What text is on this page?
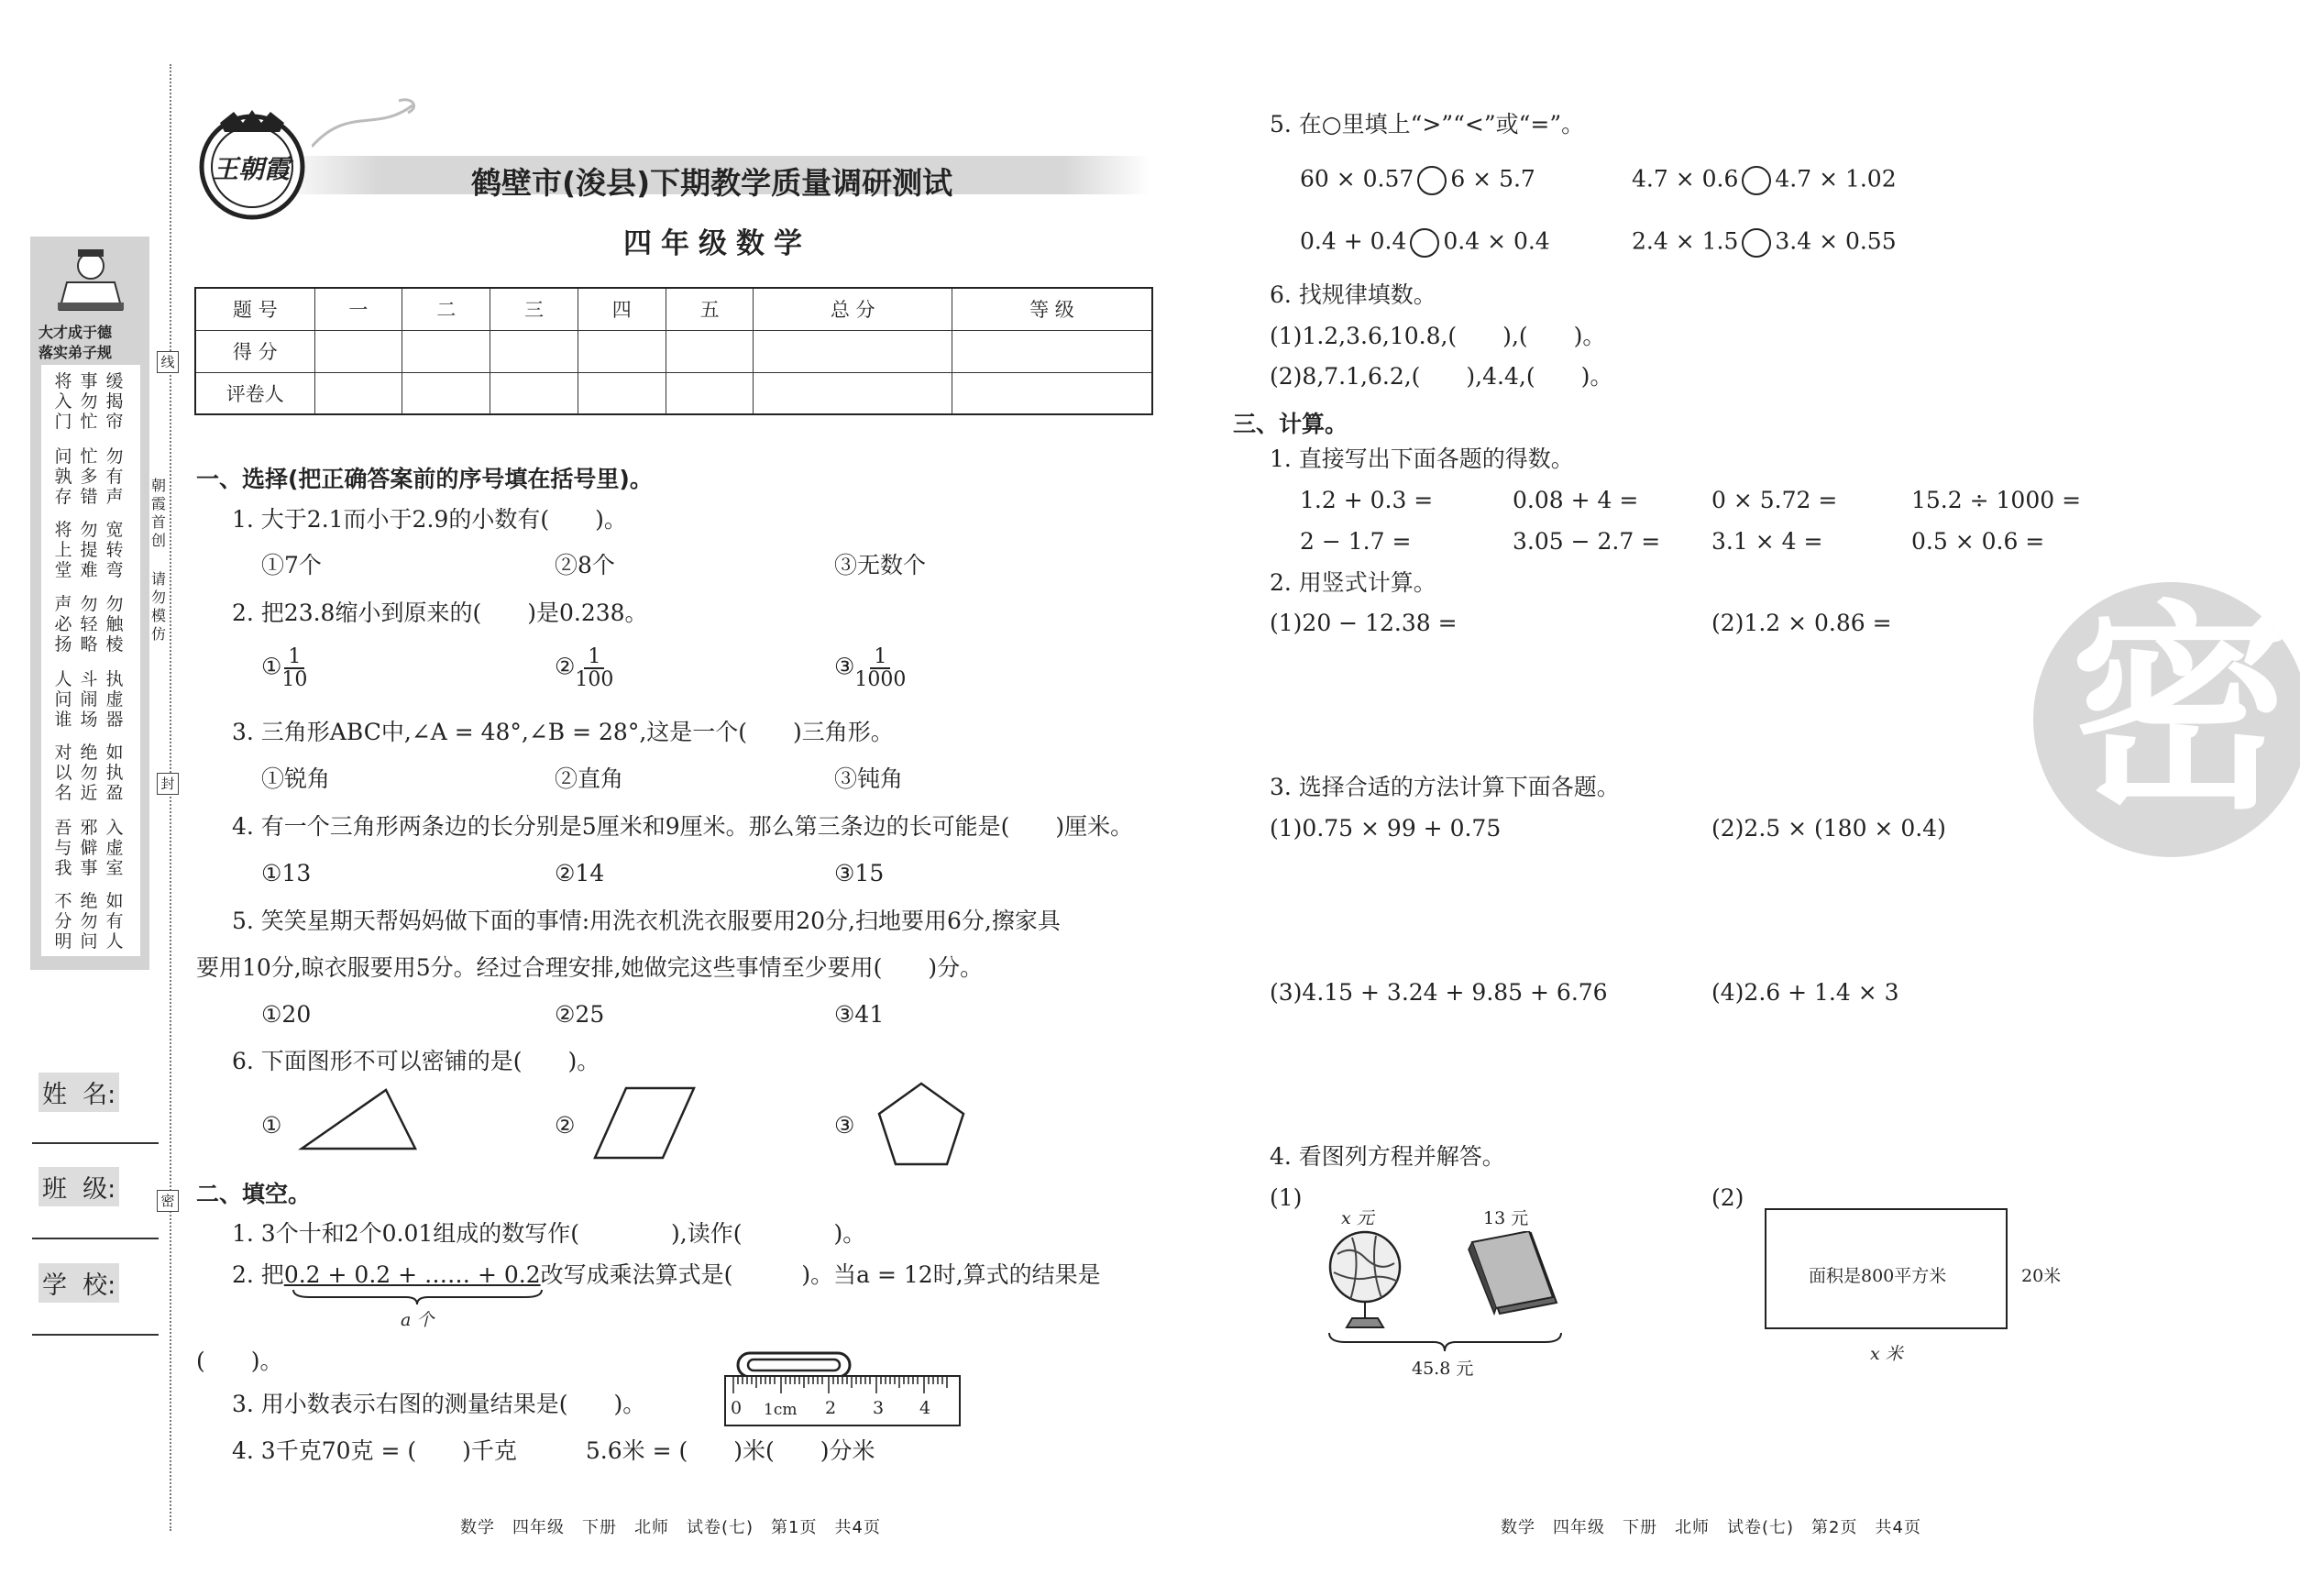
大才成于德
落实弟子规
将入门
事勿忙
缓揭帘
问孰存
忙多错
勿有声
将上堂
勿提难
宽转弯
声必扬
勿轻略
勿触棱
人问谁
斗闹场
执虚器
对以名
绝勿近
如执盈
吾与我
邪僻事
入虚室
不分明
绝勿问
如有人
朝霞首创
请勿模仿
线
封
密
姓  名:
班  级:
学  校:
王朝霞	鹤壁市(浚县)下期教学质量调研测试
四年级数学
题 号	一	二	三	四	五	总 分	等 级
得 分							
评卷人							
一、选择(把正确答案前的序号填在括号里)。
1. 大于2.1而小于2.9的小数有(　　)。
①7个	②8个	③无数个
2. 把23.8缩小到原来的(　　)是0.238。
① $\frac{1}{10}$	② $\frac{1}{100}$	③ $\frac{1}{1000}$
3. 三角形ABC中,∠A = 48°,∠B = 28°,这是一个(　　)三角形。
①锐角	②直角	③钝角
4. 有一个三角形两条边的长分别是5厘米和9厘米。那么第三条边的长可能是(　　)厘米。
①13	②14	③15
5. 笑笑星期天帮妈妈做下面的事情:用洗衣机洗衣服要用20分,扫地要用6分,擦家具
要用10分,晾衣服要用5分。经过合理安排,她做完这些事情至少要用(　　)分。
①20	②25	③41
6. 下面图形不可以密铺的是(　　)。
①	②	③
二、填空。
1. 3个十和2个0.01组成的数写作(　　　　),读作(　　　　)。
2. 把0.2 + 0.2 + …… + 0.2改写成乘法算式是(　　　)。当a = 12时,算式的结果是
a 个
(　　)。
3. 用小数表示右图的测量结果是(　　)。	0 1cm 2 3 4
4. 3千克70克 = (　　)千克　　　5.6米 = (　　)米(　　)分米
数学　四年级　下册　北师　试卷(七)　第1页　共4页
5. 在○里填上“>”“<”或“=”。
60 × 0.57 6 × 5.7	4.7 × 0.6 4.7 × 1.02
0.4 + 0.4 0.4 × 0.4	2.4 × 1.5 3.4 × 0.55
6. 找规律填数。
(1)1.2,3.6,10.8,(　　),(　　)。
(2)8,7.1,6.2,(　　),4.4,(　　)。
三、计算。
1. 直接写出下面各题的得数。
1.2 + 0.3 =	0.08 + 4 =	0 × 5.72 =	15.2 ÷ 1000 =
2 − 1.7 =	3.05 − 2.7 = 3.1 × 4 =	0.5 × 0.6 =
2. 用竖式计算。
(1)20 − 12.38 =	(2)1.2 × 0.86 =
3. 选择合适的方法计算下面各题。
(1)0.75 × 99 + 0.75	(2)2.5 × (180 × 0.4)
(3)4.15 + 3.24 + 9.85 + 6.76	(4)2.6 + 1.4 × 3
4. 看图列方程并解答。
(1)	(2)
x 元	13 元
45.8 元
面积是800平方米	20米
x 米
密
数学　四年级　下册　北师　试卷(七)　第2页　共4页
